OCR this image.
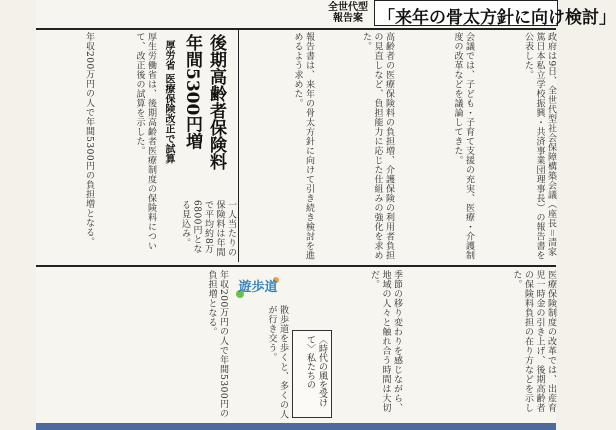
全世代型
報告案 「来年の骨太方針に向け検討」
政府は9日、全世代型社会保障構築会議（座長＝清家篤日本私立学校振興・共済事業団理事長）の報告書を公表した。
会議では、子ども・子育て支援の充実、医療・介護制度の改革などを議論してきた。
高齢者の医療保険料の負担増、介護保険の利用者負担の見直しなど、負担能力に応じた仕組みの強化を求めた。
報告書は、来年の骨太方針に向けて引き続き検討を進めるよう求めた。
後期高齢者保険料
年間5300円増
厚労省 医療保険改正で試算
厚生労働省は、後期高齢者医療制度の保険料について、改正後の試算を示した。
年収200万円の人で年間5300円の負担増となる。	一人当たりの保険料は年間で平均約8万6800円となる見込み。
医療保険制度の改革では、出産育児一時金の引き上げ、後期高齢者の保険料負担の在り方などを示した。
〈時代の風を受けて〉私たちの	季節の移り変わりを感じながら、地域の人々と触れ合う時間は大切だ。
遊歩道
散歩道を歩くと、多くの人が行き交う。
年収200万円の人で年間5300円の負担増となる。
